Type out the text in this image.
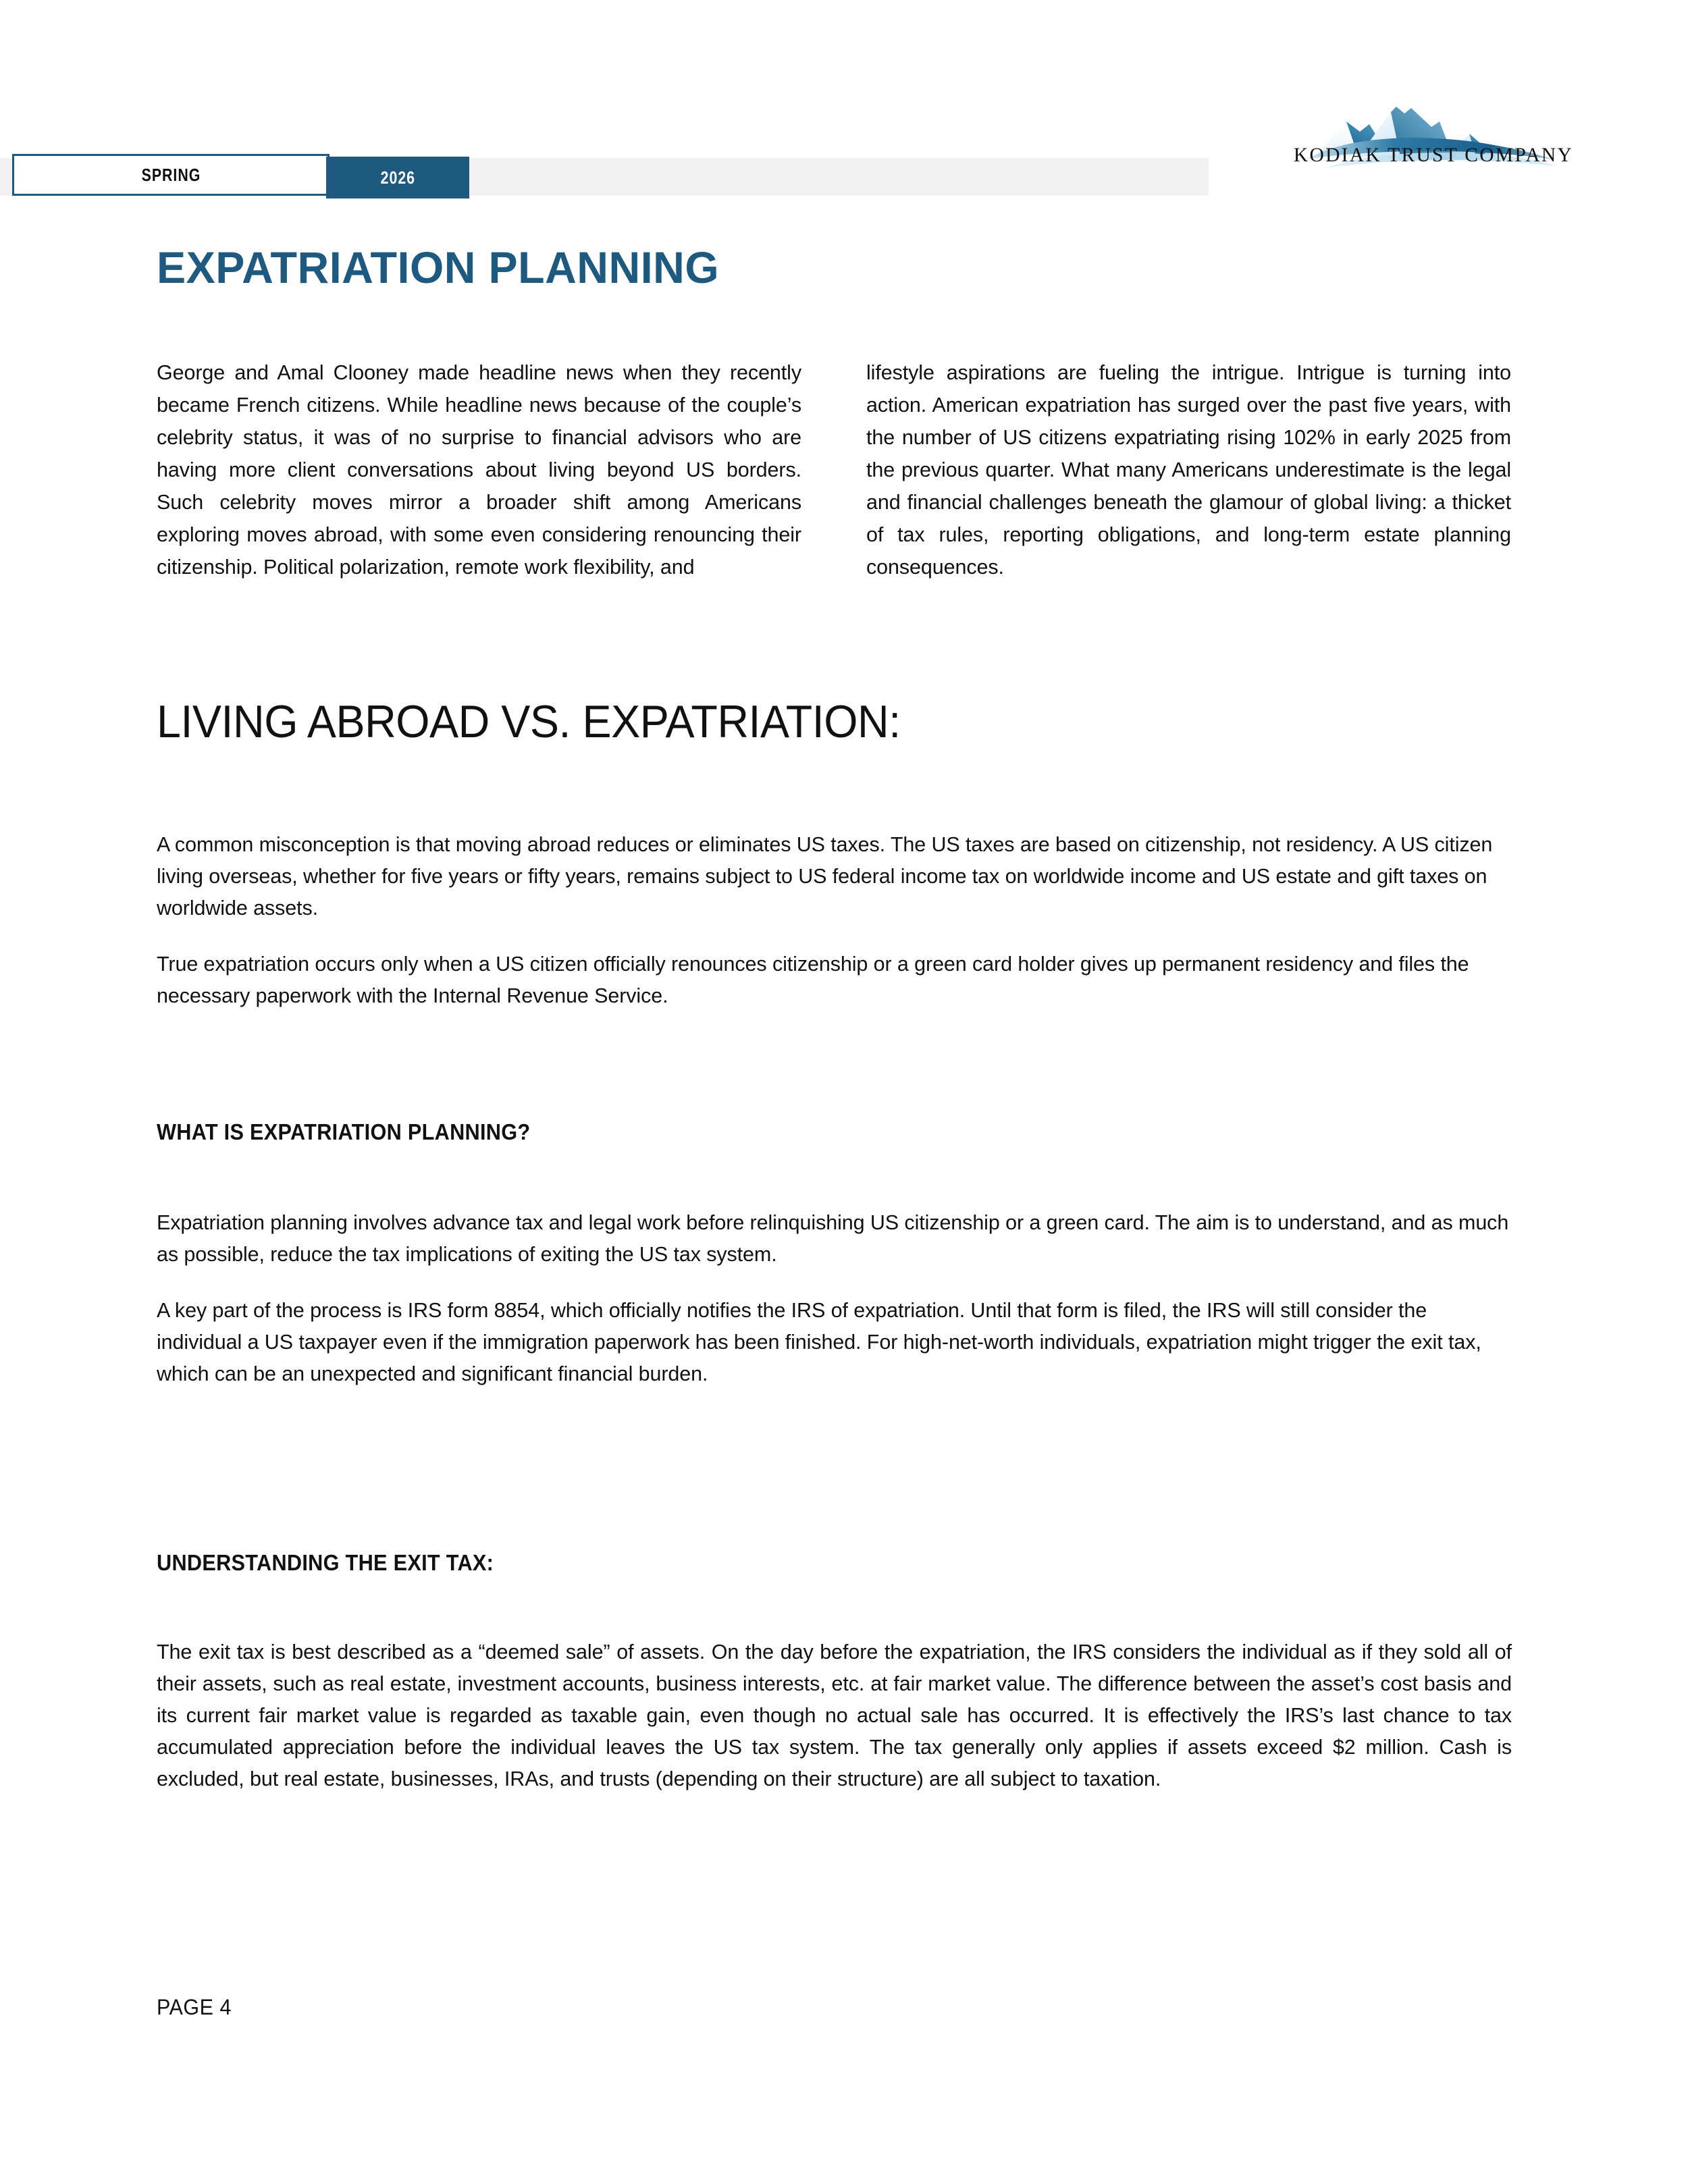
SPRING	2026
KODIAK TRUST COMPANY
EXPATRIATION PLANNING
George and Amal Clooney made headline news when they recently became French citizens. While headline news because of the couple’s celebrity status, it was of no surprise to financial advisors who are having more client conversations about living beyond US borders. Such celebrity moves mirror a broader shift among Americans exploring moves abroad, with some even considering renouncing their citizenship. Political polarization, remote work flexibility, and
lifestyle aspirations are fueling the intrigue. Intrigue is turning into action. American expatriation has surged over the past five years, with the number of US citizens expatriating rising 102% in early 2025 from the previous quarter. What many Americans underestimate is the legal and financial challenges beneath the glamour of global living: a thicket of tax rules, reporting obligations, and long-term estate planning consequences.
LIVING ABROAD VS. EXPATRIATION:

A common misconception is that moving abroad reduces or eliminates US taxes. The US taxes are based on citizenship, not residency. A US citizen living overseas, whether for five years or fifty years, remains subject to US federal income tax on worldwide income and US estate and gift taxes on worldwide assets.

True expatriation occurs only when a US citizen officially renounces citizenship or a green card holder gives up permanent residency and files the necessary paperwork with the Internal Revenue Service.

WHAT IS EXPATRIATION PLANNING?

Expatriation planning involves advance tax and legal work before relinquishing US citizenship or a green card. The aim is to understand, and as much as possible, reduce the tax implications of exiting the US tax system.

A key part of the process is IRS form 8854, which officially notifies the IRS of expatriation. Until that form is filed, the IRS will still consider the individual a US taxpayer even if the immigration paperwork has been finished. For high-net-worth individuals, expatriation might trigger the exit tax, which can be an unexpected and significant financial burden.

UNDERSTANDING THE EXIT TAX:

The exit tax is best described as a “deemed sale” of assets. On the day before the expatriation, the IRS considers the individual as if they sold all of their assets, such as real estate, investment accounts, business interests, etc. at fair market value. The difference between the asset’s cost basis and its current fair market value is regarded as taxable gain, even though no actual sale has occurred. It is effectively the IRS’s last chance to tax accumulated appreciation before the individual leaves the US tax system. The tax generally only applies if assets exceed $2 million. Cash is excluded, but real estate, businesses, IRAs, and trusts (depending on their structure) are all subject to taxation.

PAGE 4
